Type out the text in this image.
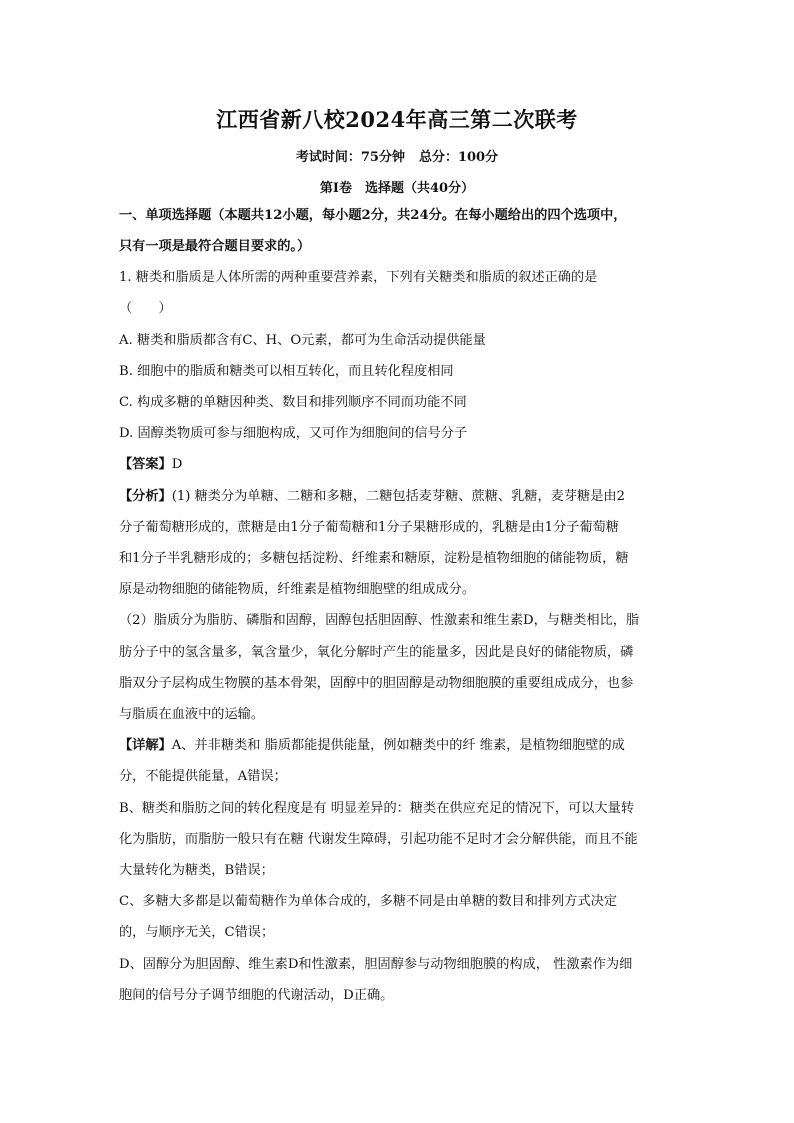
江西省新八校2024年高三第二次联考
考试时间：75分钟 总分：100分
第Ⅰ卷　选择题（共40分）
一、单项选择题（本题共12小题，每小题2分，共24分。在每小题给出的四个选项中，
只有一项是最符合题目要求的。）
1. 糖类和脂质是人体所需的两种重要营养素，下列有关糖类和脂质的叙述正确的是
（　　）
A. 糖类和脂质都含有C、H、O元素，都可为生命活动提供能量
B. 细胞中的脂质和糖类可以相互转化，而且转化程度相同
C. 构成多糖的单糖因种类、数目和排列顺序不同而功能不同
D. 固醇类物质可参与细胞构成，又可作为细胞间的信号分子
【答案】D
【分析】(1) 糖类分为单糖、二糖和多糖，二糖包括麦芽糖、蔗糖、乳糖，麦芽糖是由2
分子葡萄糖形成的，蔗糖是由1分子葡萄糖和1分子果糖形成的，乳糖是由1分子葡萄糖
和1分子半乳糖形成的；多糖包括淀粉、纤维素和糖原，淀粉是植物细胞的储能物质，糖
原是动物细胞的储能物质，纤维素是植物细胞壁的组成成分。
（2）脂质分为脂肪、磷脂和固醇，固醇包括胆固醇、性激素和维生素D，与糖类相比，脂
肪分子中的氢含量多，氧含量少，氧化分解时产生的能量多，因此是良好的储能物质，磷
脂双分子层构成生物膜的基本骨架，固醇中的胆固醇是动物细胞膜的重要组成成分，也参
与脂质在血液中的运输。
【详解】A、并非糖类和 脂质都能提供能量，例如糖类中的纤 维素，是植物细胞壁的成
分，不能提供能量，A错误；
B、糖类和脂肪之间的转化程度是有 明显差异的：糖类在供应充足的情况下，可以大量转
化为脂肪，而脂肪一般只有在糖 代谢发生障碍，引起功能不足时才会分解供能，而且不能
大量转化为糖类，B错误；
C、多糖大多都是以葡萄糖作为单体合成的，多糖不同是由单糖的数目和排列方式决定
的，与顺序无关，C错误；
D、固醇分为胆固醇、维生素D和性激素，胆固醇参与动物细胞膜的构成， 性激素作为细
胞间的信号分子调节细胞的代谢活动，D正确。
